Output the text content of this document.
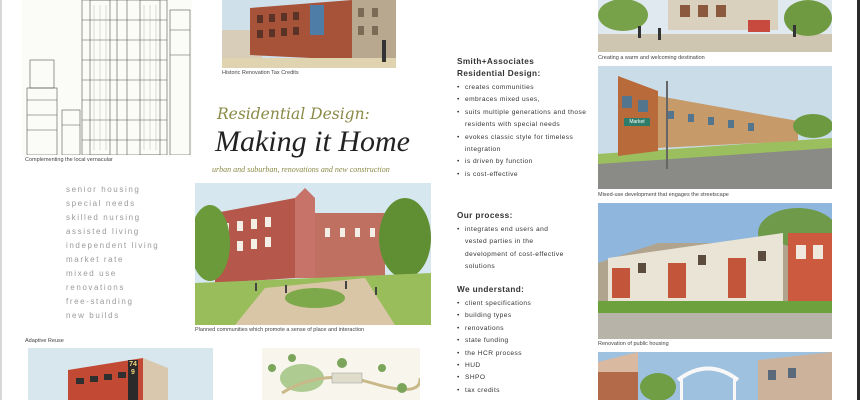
Complementing the local vernacular
Historic Renovation Tax Credits

Residential Design:

Making it Home

urban and suburban, renovations and new construction

senior housing
special needs
skilled nursing
assisted living
independent living
market rate
mixed use
renovations
free-standing
new builds
Planned communities which promote a sense of place and interaction
Adaptive Reuse
749

Smith+Associates

Residential Design:

• creates communities
• embraces mixed uses,
• suits multiple generations and those residents with special needs
• evokes classic style for timeless integration
• is driven by function
• is cost-effective

Our process:

• integrates end users and vested parties in the development of cost-effective solutions

We understand:

• client specifications
• building types
• renovations
• state funding
• the HCR process
• HUD
• SHPO
• tax credits
Creating a warm and welcoming destination
Market
Mixed-use development that engages the streetscape
Renovation of public housing
